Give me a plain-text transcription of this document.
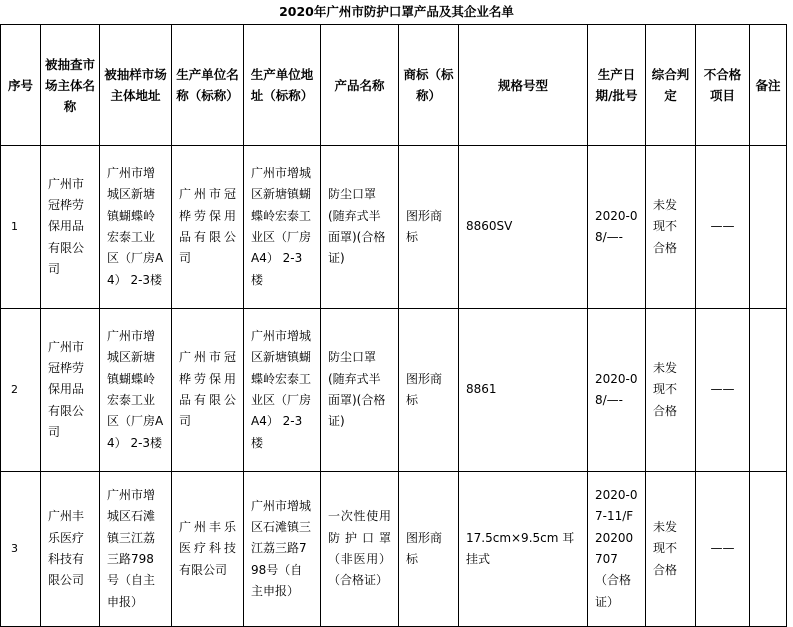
2020年广州市防护口罩产品及其企业名单
序号	被抽查市场主体名称	被抽样市场主体地址	生产单位名称（标称）	生产单位地址（标称）	产品名称	商标（标称）	规格号型	生产日期/批号	综合判定	不合格项目	备注
1	广州市冠桦劳保用品有限公司	广州市增城区新塘镇蝴蝶岭宏泰工业区（厂房A4） 2-3楼	广州市冠桦劳保用品有限公司	广州市增城区新塘镇蝴蝶岭宏泰工业区（厂房A4） 2-3楼	防尘口罩(随弃式半面罩)(合格证)	图形商标	8860SV	2020-08/—-	未发现不合格	——	
2	广州市冠桦劳保用品有限公司	广州市增城区新塘镇蝴蝶岭宏泰工业区（厂房A4） 2-3楼	广州市冠桦劳保用品有限公司	广州市增城区新塘镇蝴蝶岭宏泰工业区（厂房A4） 2-3楼	防尘口罩(随弃式半面罩)(合格证)	图形商标	8861	2020-08/—-	未发现不合格	——	
3	广州丰乐医疗科技有限公司	广州市增城区石滩镇三江荔三路798号（自主申报）	广州丰乐医疗科技有限公司	广州市增城区石滩镇三江荔三路798号（自主申报）	一次性使用防护口罩（非医用）（合格证）	图形商标	17.5cm×9.5cm 耳挂式	2020-07-11/F20200707（合格证）	未发现不合格	——	
